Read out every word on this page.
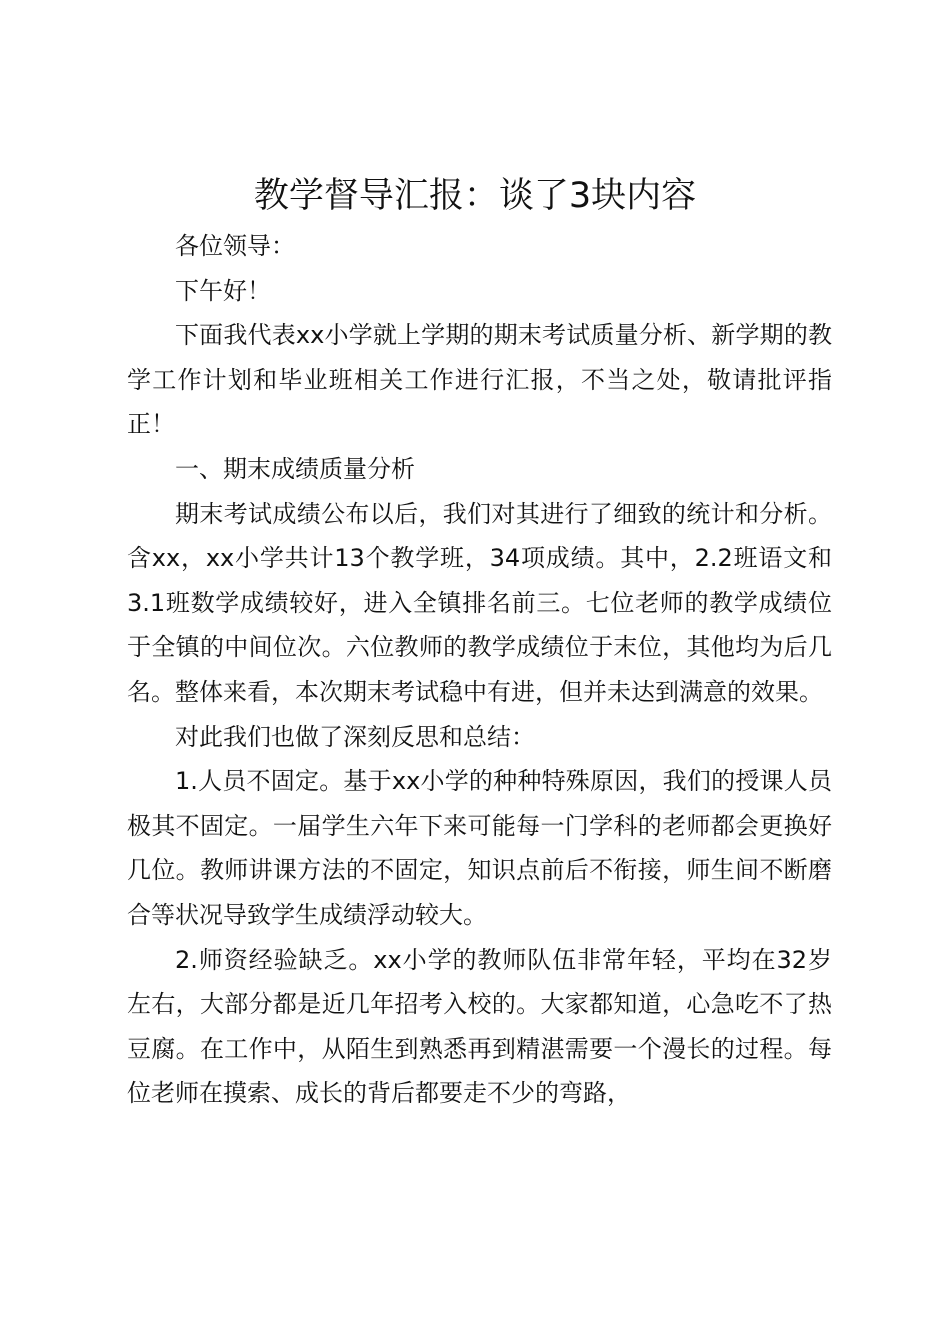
教学督导汇报：谈了3块内容

各位领导：

下午好！

下面我代表xx小学就上学期的期末考试质量分析、新学期的教学工作计划和毕业班相关工作进行汇报，不当之处，敬请批评指正！

一、期末成绩质量分析

期末考试成绩公布以后，我们对其进行了细致的统计和分析。含xx，xx小学共计13个教学班，34项成绩。其中，2.2班语文和3.1班数学成绩较好，进入全镇排名前三。七位老师的教学成绩位于全镇的中间位次。六位教师的教学成绩位于末位，其他均为后几名。整体来看，本次期末考试稳中有进，但并未达到满意的效果。

对此我们也做了深刻反思和总结：

1.人员不固定。基于xx小学的种种特殊原因，我们的授课人员极其不固定。一届学生六年下来可能每一门学科的老师都会更换好几位。教师讲课方法的不固定，知识点前后不衔接，师生间不断磨合等状况导致学生成绩浮动较大。

2.师资经验缺乏。xx小学的教师队伍非常年轻，平均在32岁左右，大部分都是近几年招考入校的。大家都知道，心急吃不了热豆腐。在工作中，从陌生到熟悉再到精湛需要一个漫长的过程。每位老师在摸索、成长的背后都要走不少的弯路，
